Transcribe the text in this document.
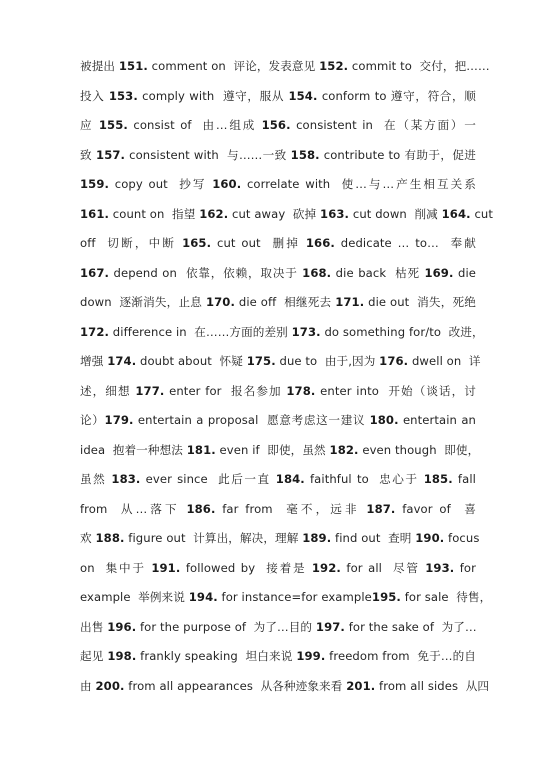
被提出 151. comment on  评论，发表意见 152. commit to  交付，把……
投入 153. comply with  遵守，服从 154. conform to 遵守，符合，顺
应 155. consist of  由…组成 156. consistent in  在（某方面）一
致 157. consistent with  与……一致 158. contribute to 有助于，促进
159. copy out  抄写 160. correlate with  使…与…产生相互关系
161. count on  指望 162. cut away  砍掉 163. cut down  削减 164. cut
off  切断，中断 165. cut out  删掉 166. dedicate … to…  奉献
167. depend on  依靠，依赖，取决于 168. die back  枯死 169. die
down  逐渐消失，止息 170. die off  相继死去 171. die out  消失，死绝
172. difference in  在……方面的差别 173. do something for/to  改进，
增强 174. doubt about  怀疑 175. due to  由于,因为 176. dwell on  详
述，细想 177. enter for  报名参加 178. enter into  开始（谈话，讨
论）179. entertain a proposal  愿意考虑这一建议 180. entertain an
idea  抱着一种想法 181. even if  即使，虽然 182. even though  即使，
虽然 183. ever since  此后一直 184. faithful to  忠心于 185. fall
from  从…落下 186. far from  毫不，远非 187. favor of  喜
欢 188. figure out  计算出，解决，理解 189. find out  查明 190. focus
on  集中于 191. followed by  接着是 192. for all  尽管 193. for
example  举例来说 194. for instance=for example195. for sale  待售，
出售 196. for the purpose of  为了…目的 197. for the sake of  为了…
起见 198. frankly speaking  坦白来说 199. freedom from  免于…的自
由 200. from all appearances  从各种迹象来看 201. from all sides  从四
